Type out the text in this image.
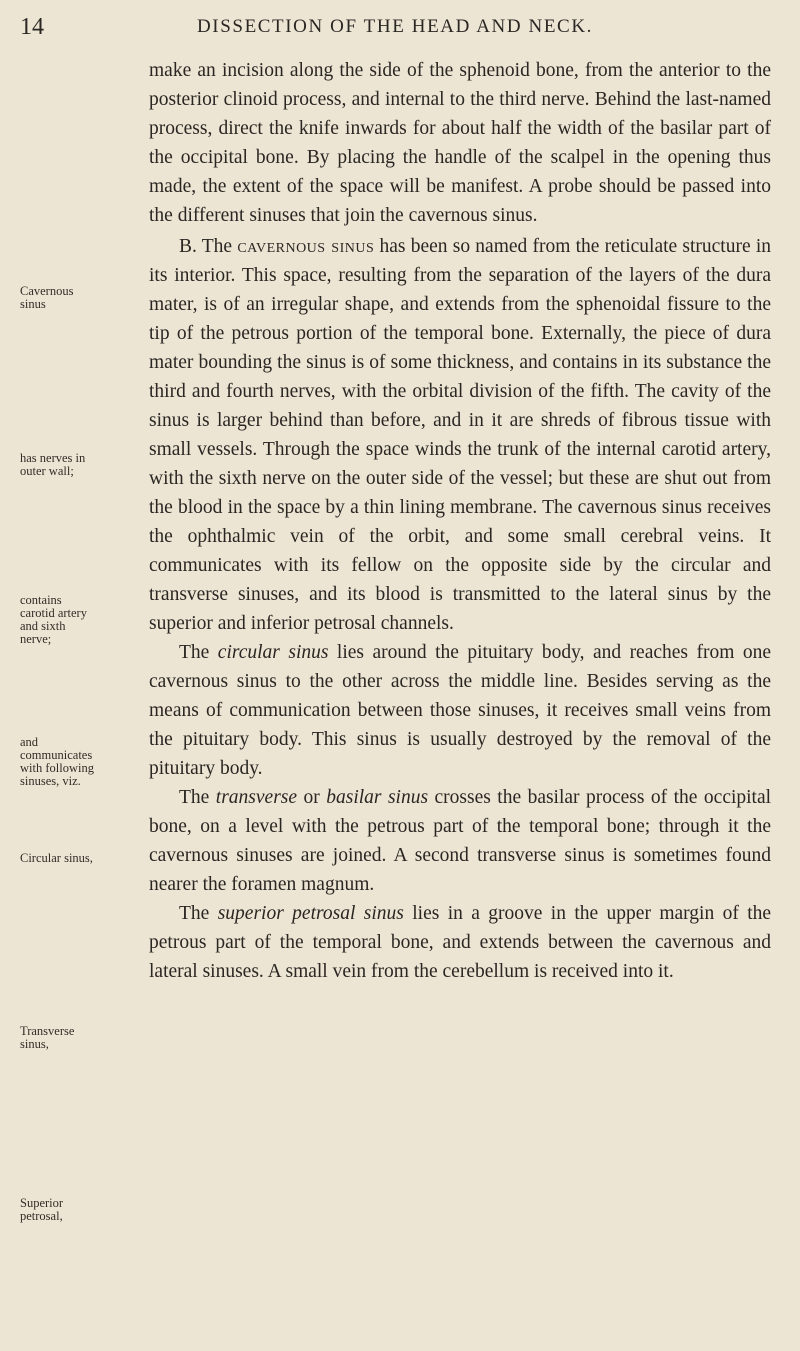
14	DISSECTION OF THE HEAD AND NECK.

make an incision along the side of the sphenoid bone, from the anterior to the posterior clinoid process, and internal to the third nerve. Behind the last-named process, direct the knife inwards for about half the width of the basilar part of the occipital bone. By placing the handle of the scalpel in the opening thus made, the extent of the space will be manifest. A probe should be passed into the different sinuses that join the cavernous sinus.

B. The cavernous sinus has been so named from the reticulate structure in its interior. This space, resulting from the separation of the layers of the dura mater, is of an irregular shape, and extends from the sphenoidal fissure to the tip of the petrous portion of the temporal bone. Externally, the piece of dura mater bounding the sinus is of some thickness, and contains in its substance the third and fourth nerves, with the orbital division of the fifth. The cavity of the sinus is larger behind than before, and in it are shreds of fibrous tissue with small vessels. Through the space winds the trunk of the internal carotid artery, with the sixth nerve on the outer side of the vessel; but these are shut out from the blood in the space by a thin lining membrane. The cavernous sinus receives the ophthalmic vein of the orbit, and some small cerebral veins. It communicates with its fellow on the opposite side by the circular and transverse sinuses, and its blood is transmitted to the lateral sinus by the superior and inferior petrosal channels.

The circular sinus lies around the pituitary body, and reaches from one cavernous sinus to the other across the middle line. Besides serving as the means of communication between those sinuses, it receives small veins from the pituitary body. This sinus is usually destroyed by the removal of the pituitary body.

The transverse or basilar sinus crosses the basilar process of the occipital bone, on a level with the petrous part of the temporal bone; through it the cavernous sinuses are joined. A second transverse sinus is sometimes found nearer the foramen magnum.

The superior petrosal sinus lies in a groove in the upper margin of the petrous part of the temporal bone, and extends between the cavernous and lateral sinuses. A small vein from the cerebellum is received into it.

Cavernous sinus
has nerves in outer wall;
contains carotid artery and sixth nerve;
and communicates with following sinuses, viz.
Circular sinus,
Transverse sinus,
Superior petrosal,
